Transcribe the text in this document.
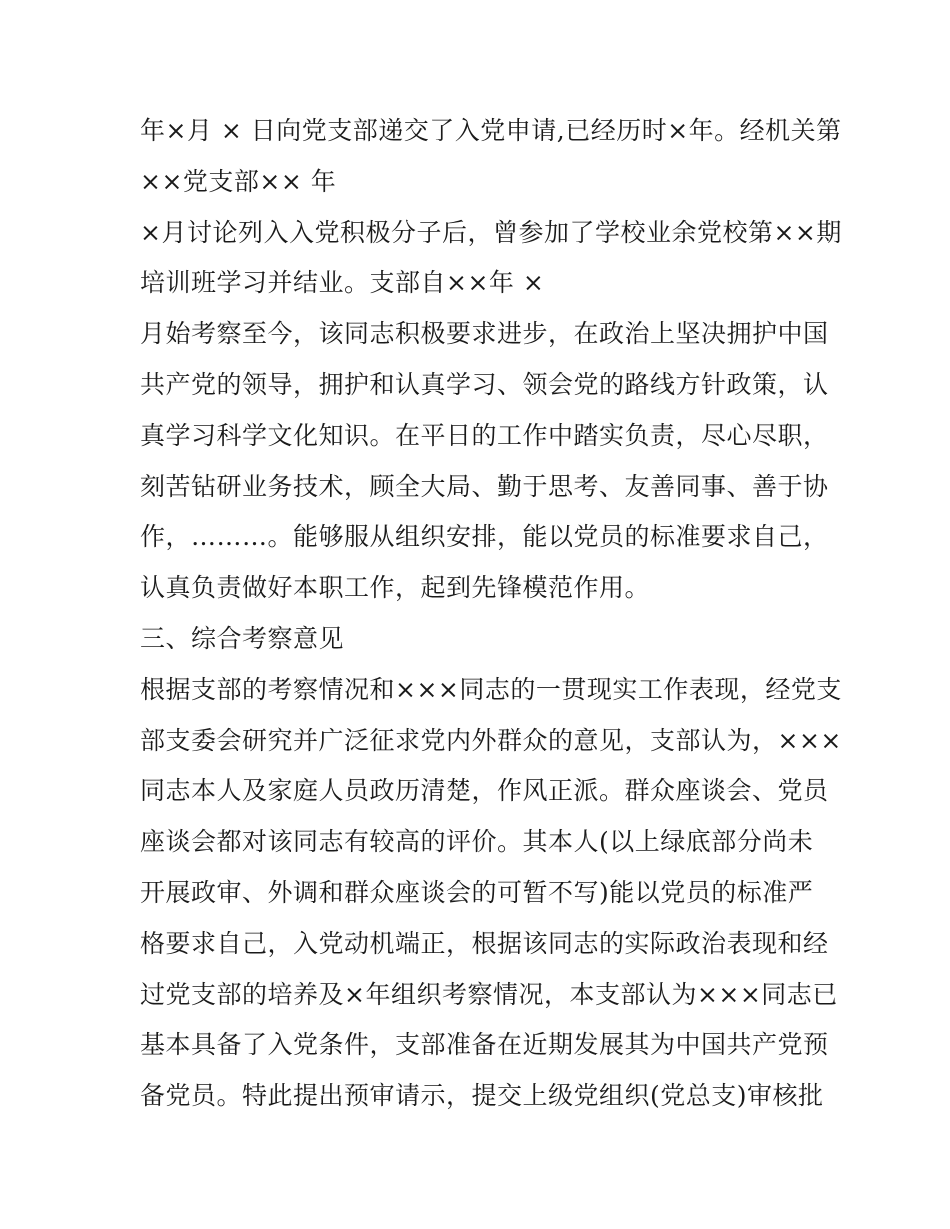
年×月 × 日向党支部递交了入党申请,已经历时×年。经机关第
××党支部×× 年
×月讨论列入入党积极分子后，曾参加了学校业余党校第××期
培训班学习并结业。支部自××年 ×
月始考察至今，该同志积极要求进步，在政治上坚决拥护中国
共产党的领导，拥护和认真学习、领会党的路线方针政策，认
真学习科学文化知识。在平日的工作中踏实负责，尽心尽职，
刻苦钻研业务技术，顾全大局、勤于思考、友善同事、善于协
作，………。能够服从组织安排，能以党员的标准要求自己，
认真负责做好本职工作，起到先锋模范作用。
三、综合考察意见
根据支部的考察情况和×××同志的一贯现实工作表现，经党支
部支委会研究并广泛征求党内外群众的意见，支部认为，×××
同志本人及家庭人员政历清楚，作风正派。群众座谈会、党员
座谈会都对该同志有较高的评价。其本人(以上绿底部分尚未
开展政审、外调和群众座谈会的可暂不写)能以党员的标准严
格要求自己，入党动机端正，根据该同志的实际政治表现和经
过党支部的培养及×年组织考察情况，本支部认为×××同志已
基本具备了入党条件，支部准备在近期发展其为中国共产党预
备党员。特此提出预审请示，提交上级党组织(党总支)审核批
